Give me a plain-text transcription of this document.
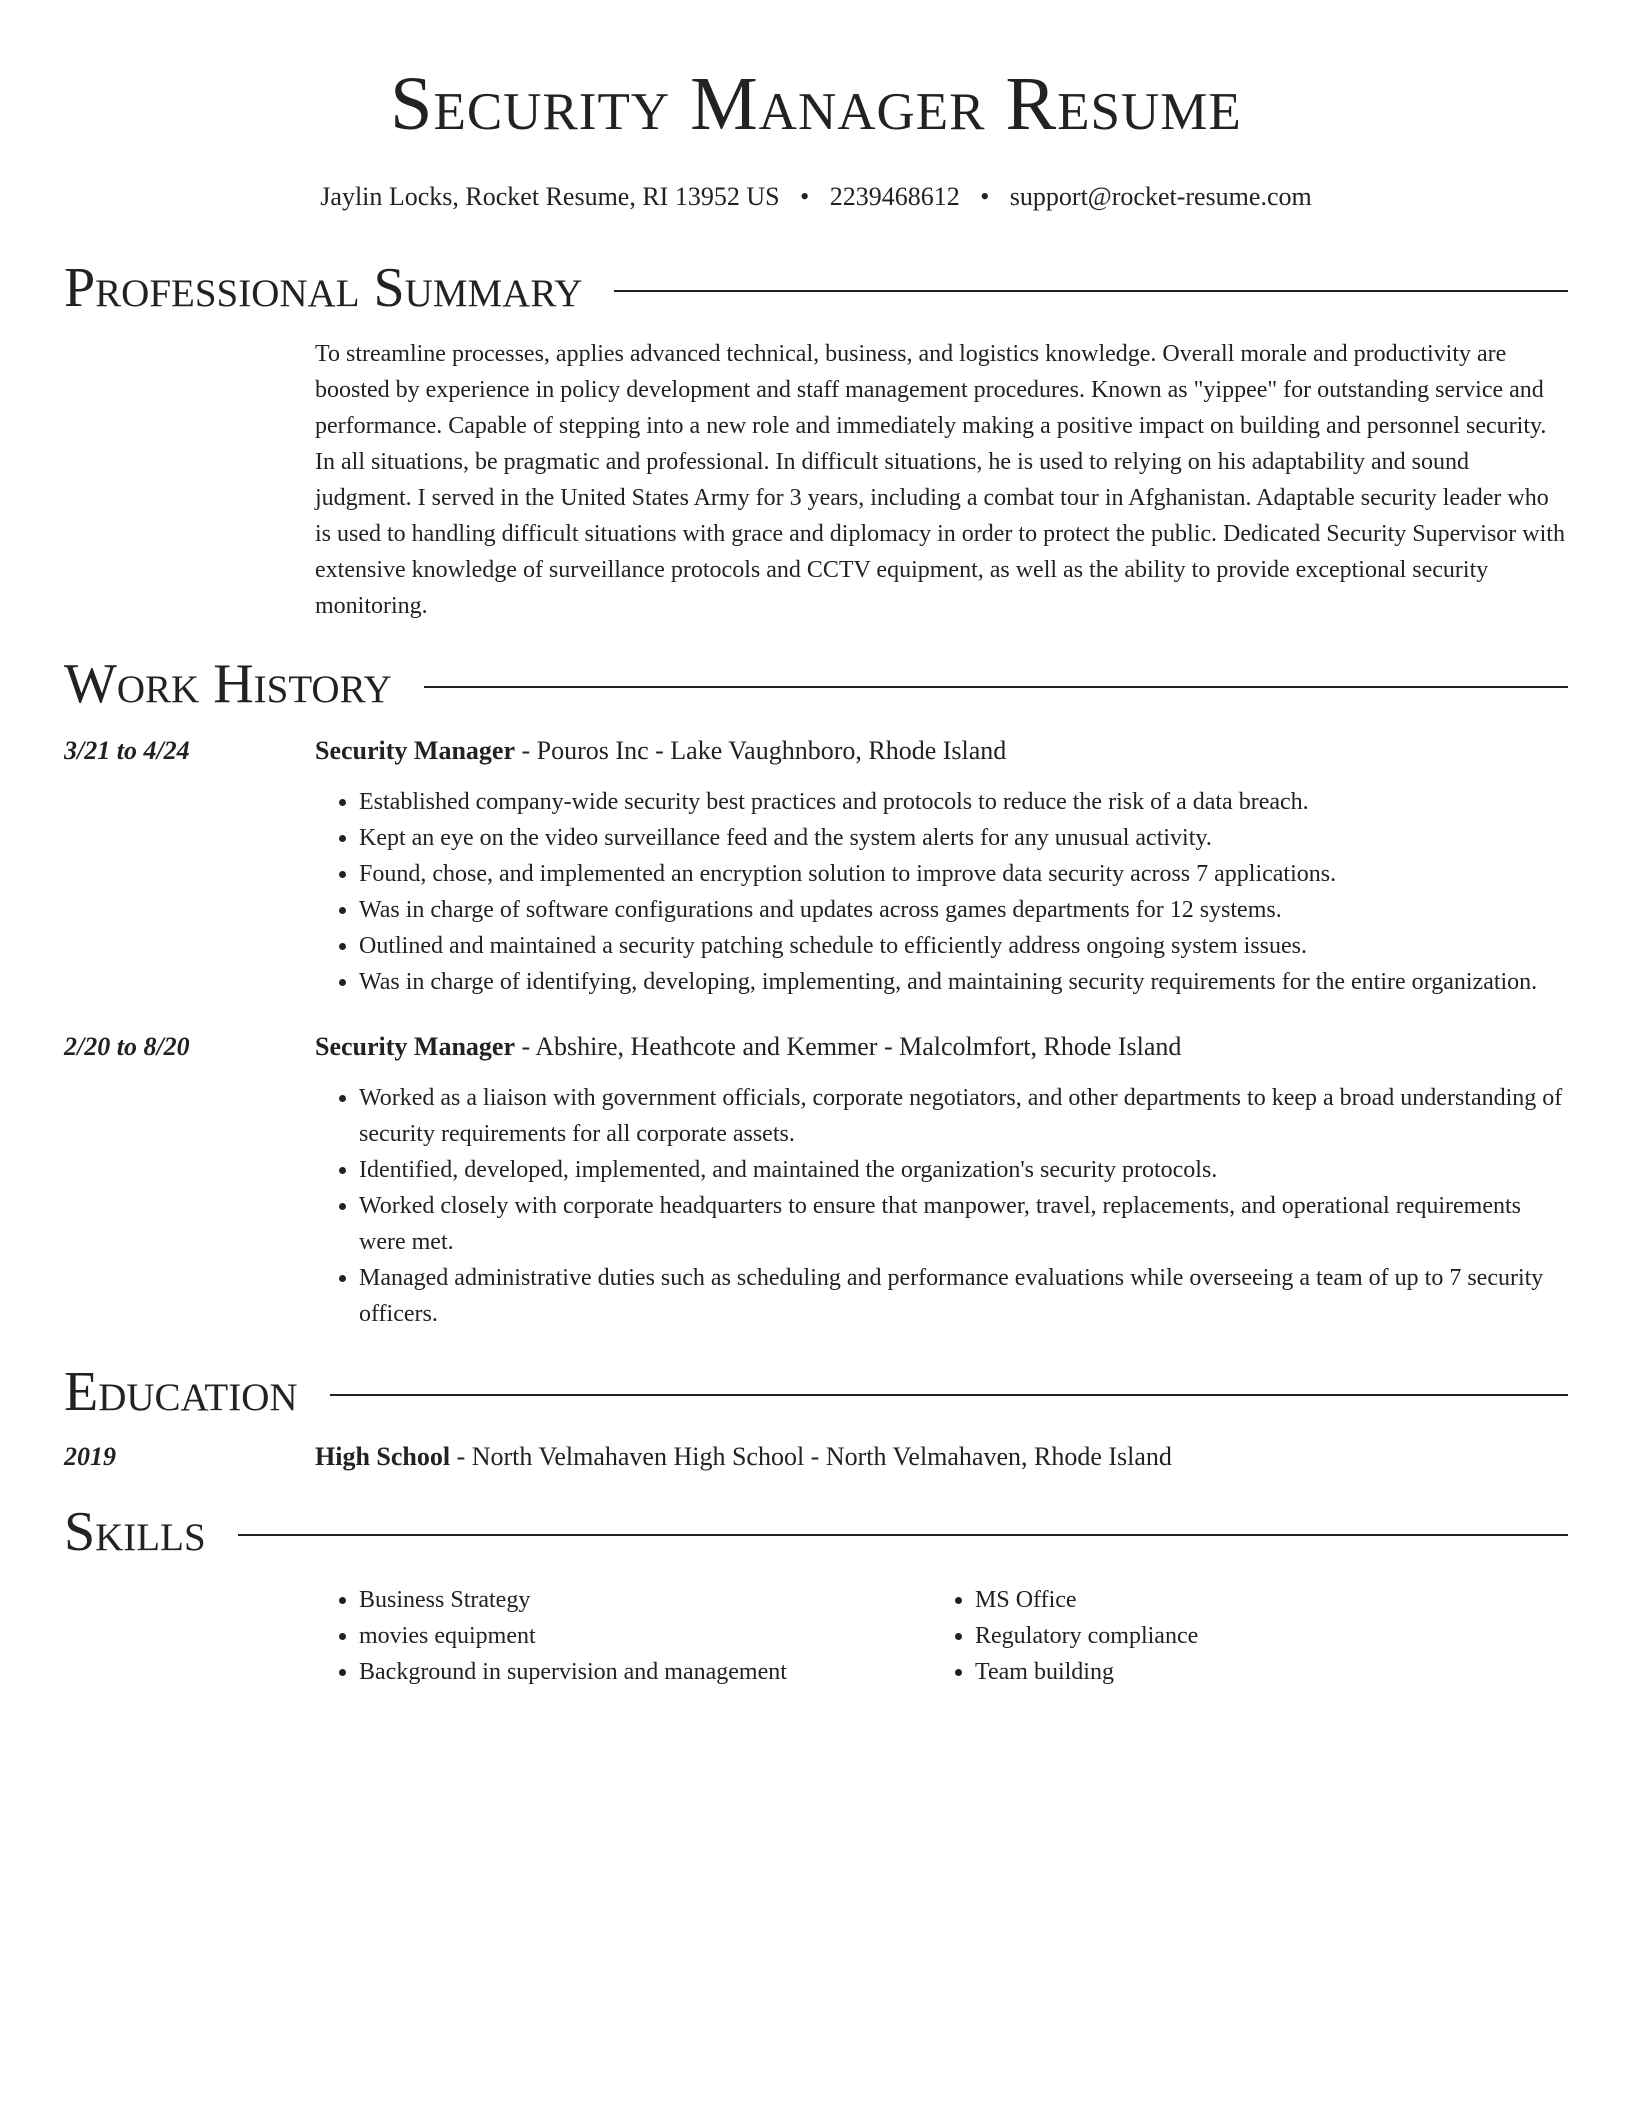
Security Manager Resume
Jaylin Locks, Rocket Resume, RI 13952 US • 2239468612 • support@rocket-resume.com
Professional Summary

To streamline processes, applies advanced technical, business, and logistics knowledge. Overall morale and productivity are boosted by experience in policy development and staff management procedures. Known as "yippee" for outstanding service and performance. Capable of stepping into a new role and immediately making a positive impact on building and personnel security. In all situations, be pragmatic and professional. In difficult situations, he is used to relying on his adaptability and sound judgment. I served in the United States Army for 3 years, including a combat tour in Afghanistan. Adaptable security leader who is used to handling difficult situations with grace and diplomacy in order to protect the public. Dedicated Security Supervisor with extensive knowledge of surveillance protocols and CCTV equipment, as well as the ability to provide exceptional security monitoring.

Work History
3/21 to 4/24	Security Manager - Pouros Inc - Lake Vaughnboro, Rhode Island
• Established company-wide security best practices and protocols to reduce the risk of a data breach.
• Kept an eye on the video surveillance feed and the system alerts for any unusual activity.
• Found, chose, and implemented an encryption solution to improve data security across 7 applications.
• Was in charge of software configurations and updates across games departments for 12 systems.
• Outlined and maintained a security patching schedule to efficiently address ongoing system issues.
• Was in charge of identifying, developing, implementing, and maintaining security requirements for the entire organization.
2/20 to 8/20	Security Manager - Abshire, Heathcote and Kemmer - Malcolmfort, Rhode Island
• Worked as a liaison with government officials, corporate negotiators, and other departments to keep a broad understanding of security requirements for all corporate assets.
• Identified, developed, implemented, and maintained the organization's security protocols.
• Worked closely with corporate headquarters to ensure that manpower, travel, replacements, and operational requirements were met.
• Managed administrative duties such as scheduling and performance evaluations while overseeing a team of up to 7 security officers.
Education
2019	High School - North Velmahaven High School - North Velmahaven, Rhode Island
Skills
• Business Strategy
• movies equipment
• Background in supervision and management
• MS Office
• Regulatory compliance
• Team building
